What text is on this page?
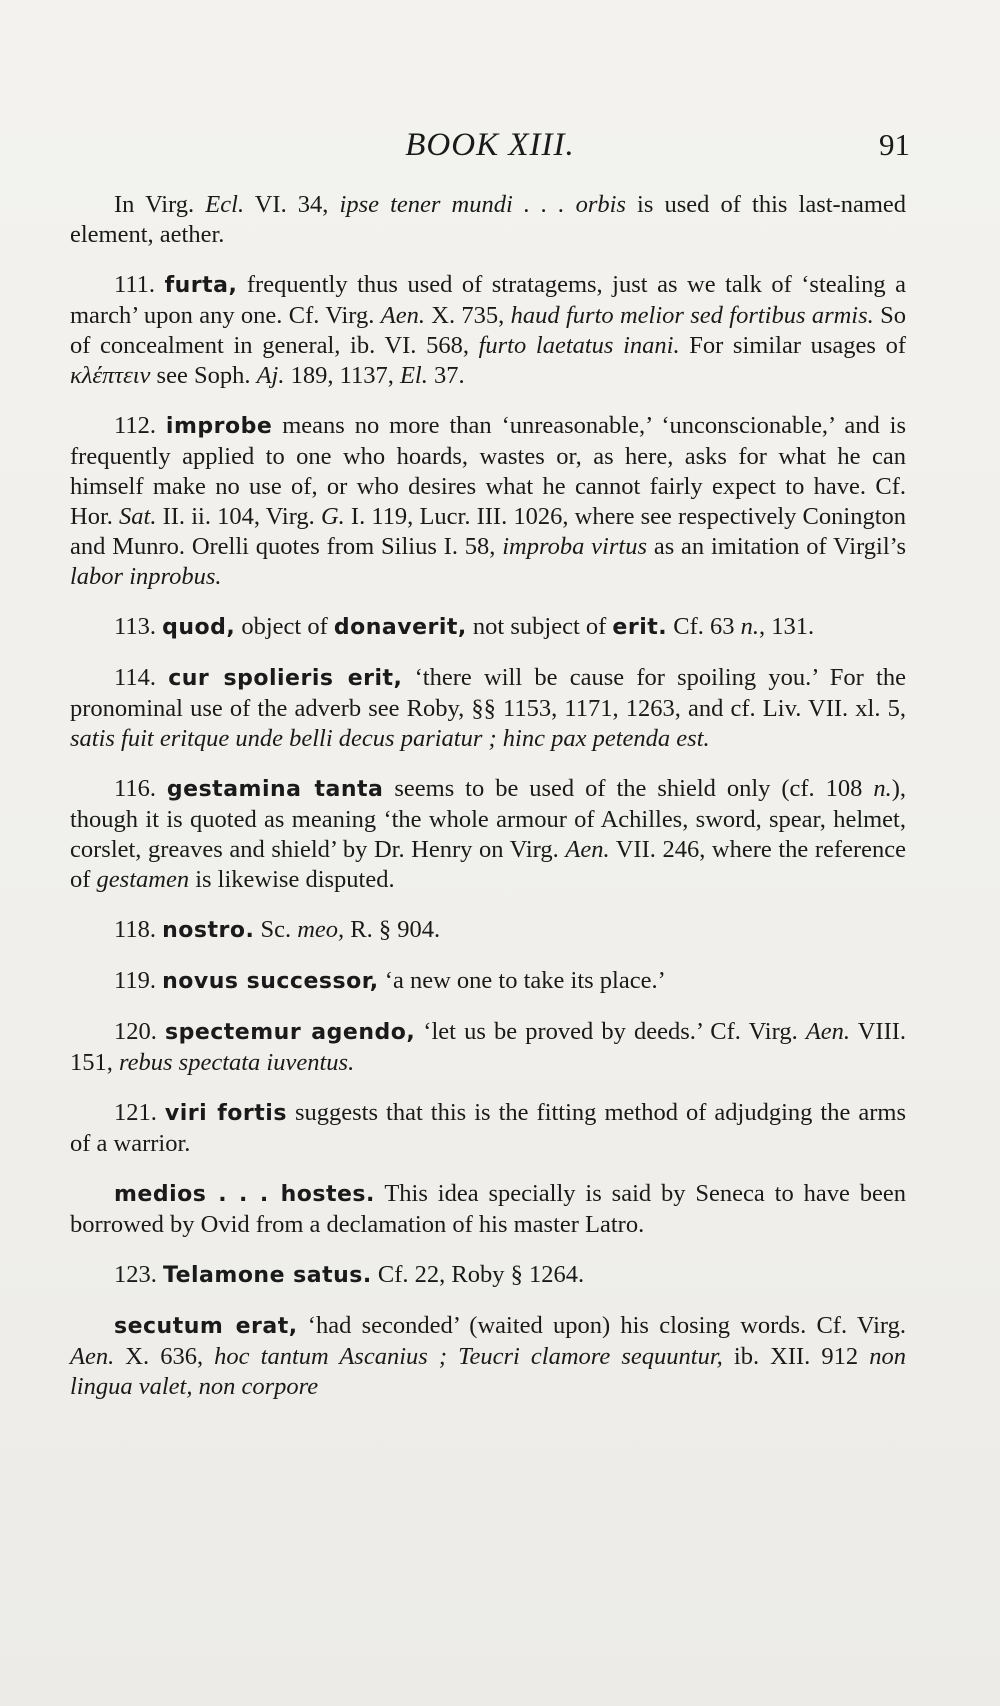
BOOK XIII.	91

In Virg. Ecl. VI. 34, ipse tener mundi . . . orbis is used of this last-named element, aether.

111. furta, frequently thus used of stratagems, just as we talk of ‘stealing a march’ upon any one. Cf. Virg. Aen. X. 735, haud furto melior sed fortibus armis. So of concealment in general, ib. VI. 568, furto laetatus inani. For similar usages of κλέπτειν see Soph. Aj. 189, 1137, El. 37.

112. improbe means no more than ‘unreasonable,’ ‘unconscionable,’ and is frequently applied to one who hoards, wastes or, as here, asks for what he can himself make no use of, or who desires what he cannot fairly expect to have. Cf. Hor. Sat. II. ii. 104, Virg. G. I. 119, Lucr. III. 1026, where see respectively Conington and Munro. Orelli quotes from Silius I. 58, improba virtus as an imitation of Virgil’s labor inprobus.

113. quod, object of donaverit, not subject of erit. Cf. 63 n., 131.

114. cur spolieris erit, ‘there will be cause for spoiling you.’ For the pronominal use of the adverb see Roby, §§ 1153, 1171, 1263, and cf. Liv. VII. xl. 5, satis fuit eritque unde belli decus pariatur ; hinc pax petenda est.

116. gestamina tanta seems to be used of the shield only (cf. 108 n.), though it is quoted as meaning ‘the whole armour of Achilles, sword, spear, helmet, corslet, greaves and shield’ by Dr. Henry on Virg. Aen. VII. 246, where the reference of gestamen is likewise disputed.

118. nostro. Sc. meo, R. § 904.

119. novus successor, ‘a new one to take its place.’

120. spectemur agendo, ‘let us be proved by deeds.’ Cf. Virg. Aen. VIII. 151, rebus spectata iuventus.

121. viri fortis suggests that this is the fitting method of adjudging the arms of a warrior.

medios . . . hostes. This idea specially is said by Seneca to have been borrowed by Ovid from a declamation of his master Latro.

123. Telamone satus. Cf. 22, Roby § 1264.

secutum erat, ‘had seconded’ (waited upon) his closing words. Cf. Virg. Aen. X. 636, hoc tantum Ascanius ; Teucri clamore sequuntur, ib. XII. 912 non lingua valet, non corpore
